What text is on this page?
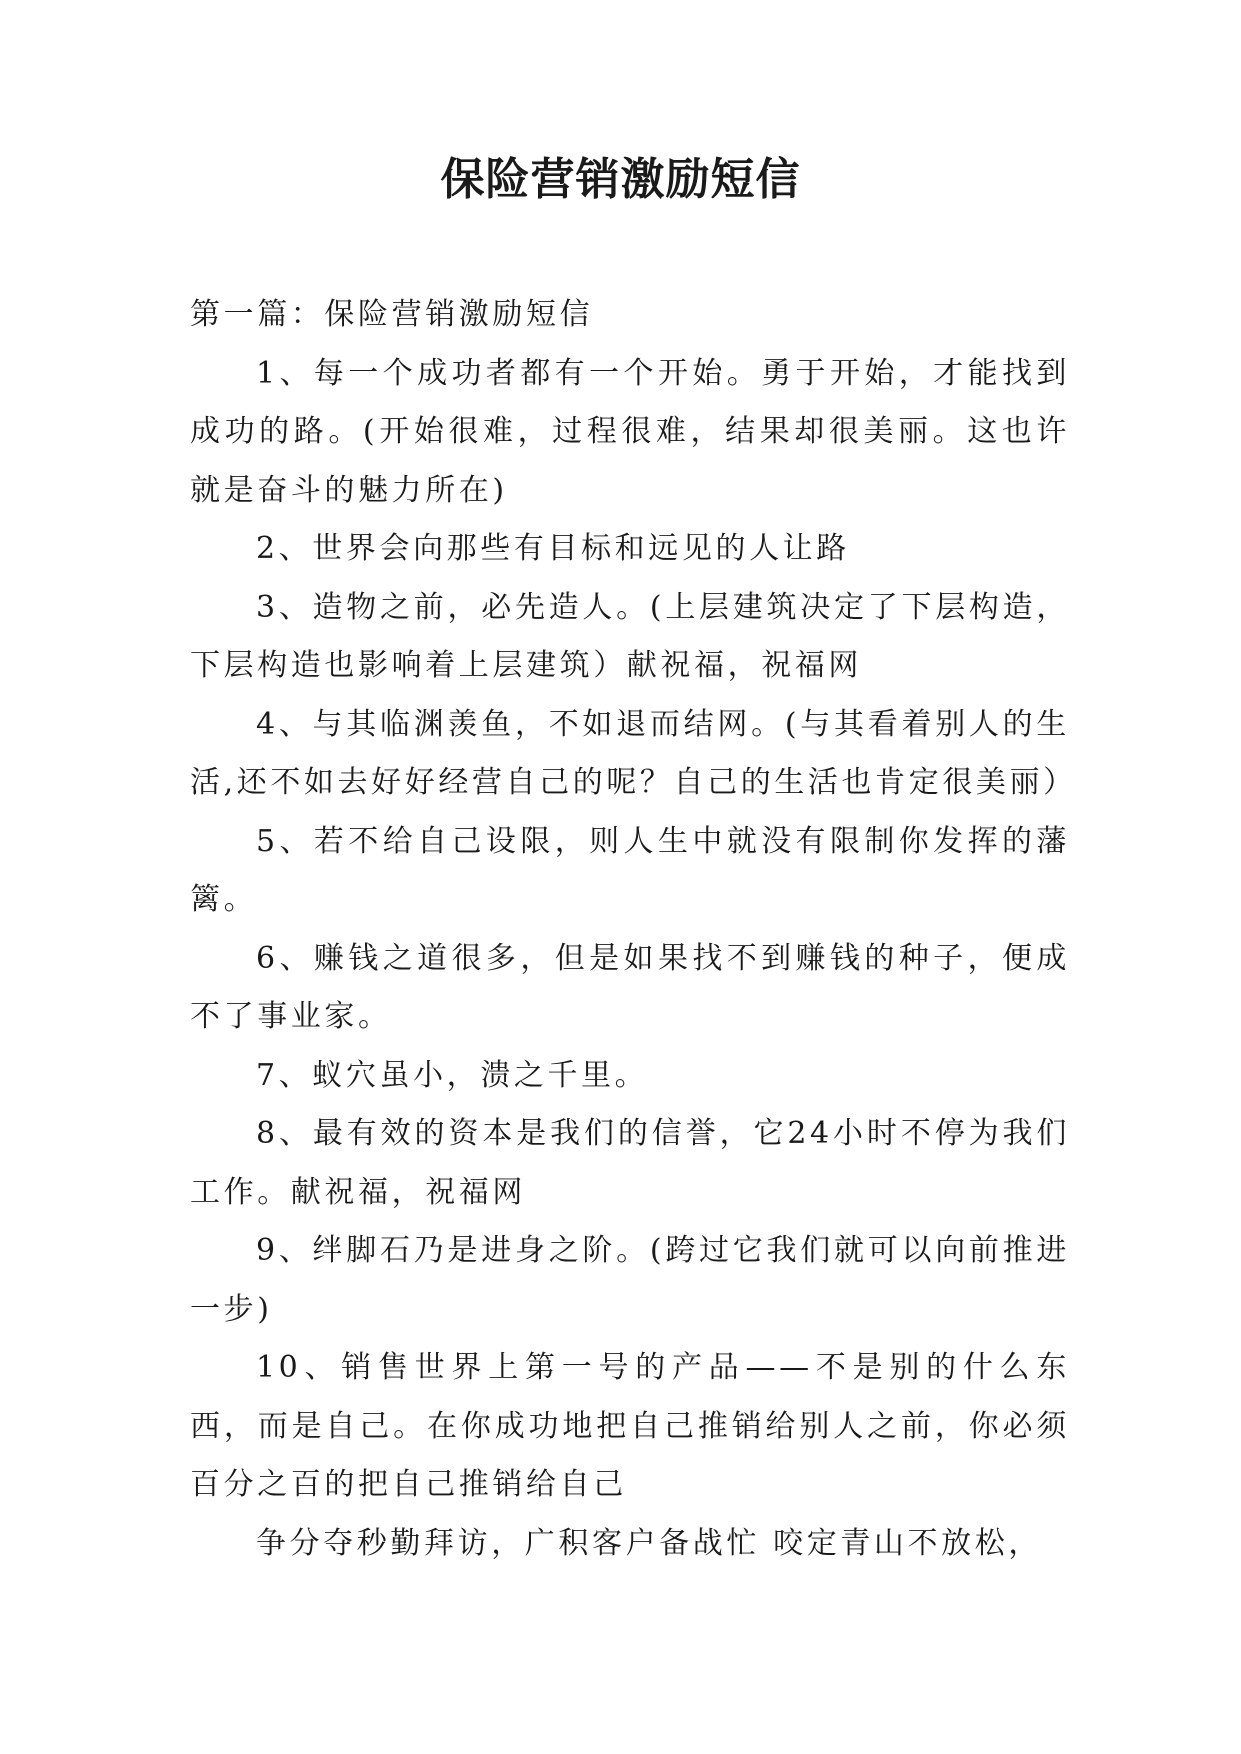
保险营销激励短信

第一篇：保险营销激励短信

1、每一个成功者都有一个开始。勇于开始，才能找到成功的路。(开始很难，过程很难，结果却很美丽。这也许就是奋斗的魅力所在)

2、世界会向那些有目标和远见的人让路

3、造物之前，必先造人。(上层建筑决定了下层构造，下层构造也影响着上层建筑）献祝福，祝福网

4、与其临渊羡鱼，不如退而结网。(与其看着别人的生活,还不如去好好经营自己的呢？自己的生活也肯定很美丽）

5、若不给自己设限，则人生中就没有限制你发挥的藩篱。

6、赚钱之道很多，但是如果找不到赚钱的种子，便成不了事业家。

7、蚁穴虽小，溃之千里。

8、最有效的资本是我们的信誉，它24小时不停为我们工作。献祝福，祝福网

9、绊脚石乃是进身之阶。(跨过它我们就可以向前推进一步)

10、销售世界上第一号的产品——不是别的什么东西，而是自己。在你成功地把自己推销给别人之前，你必须百分之百的把自己推销给自己

争分夺秒勤拜访，广积客户备战忙 咬定青山不放松，
